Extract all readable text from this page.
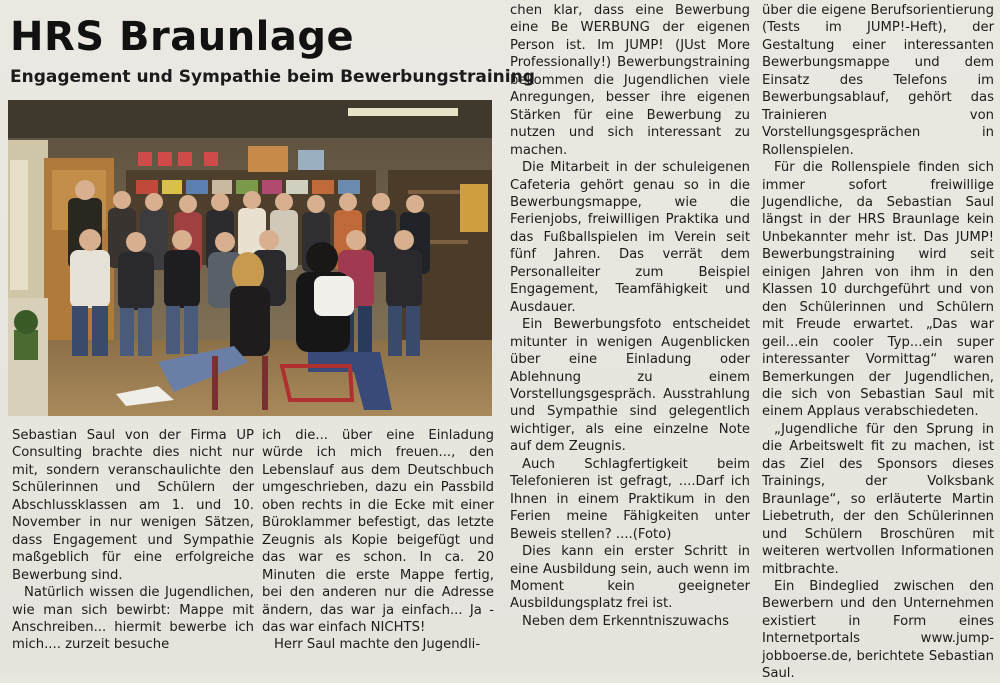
HRS Braunlage
Engagement und Sympathie beim Bewerbungstraining

Sebastian Saul von der Firma UP Consulting brachte dies nicht nur mit, sondern veranschaulichte den Schülerinnen und Schülern der Abschlussklassen am 1. und 10. November in nur wenigen Sätzen, dass Engagement und Sympathie maßgeblich für eine erfolgreiche Bewerbung sind.

Natürlich wissen die Jugendlichen, wie man sich bewirbt: Mappe mit Anschreiben... hiermit bewerbe ich mich.... zurzeit besuche

ich die... über eine Einladung würde ich mich freuen..., den Lebenslauf aus dem Deutschbuch umgeschrieben, dazu ein Passbild oben rechts in die Ecke mit einer Büroklammer befestigt, das letzte Zeugnis als Kopie beigefügt und das war es schon. In ca. 20 Minuten die erste Mappe fertig, bei den anderen nur die Adresse ändern, das war ja einfach... Ja - das war einfach NICHTS!

Herr Saul machte den Jugendli-

chen klar, dass eine Bewerbung eine Be WERBUNG der eigenen Person ist. Im JUMP! (JUst More Professionally!) Bewerbungstraining bekommen die Jugendlichen viele Anregungen, besser ihre eigenen Stärken für eine Bewerbung zu nutzen und sich interessant zu machen.

Die Mitarbeit in der schuleigenen Cafeteria gehört genau so in die Bewerbungsmappe, wie die Ferienjobs, freiwilligen Praktika und das Fußballspielen im Verein seit fünf Jahren. Das verrät dem Personalleiter zum Beispiel Engagement, Teamfähigkeit und Ausdauer.

Ein Bewerbungsfoto entscheidet mitunter in wenigen Augenblicken über eine Einladung oder Ablehnung zu einem Vorstellungsgespräch. Ausstrahlung und Sympathie sind gelegentlich wichtiger, als eine einzelne Note auf dem Zeugnis.

Auch Schlagfertigkeit beim Telefonieren ist gefragt, ....Darf ich Ihnen in einem Praktikum in den Ferien meine Fähigkeiten unter Beweis stellen? ....(Foto)

Dies kann ein erster Schritt in eine Ausbildung sein, auch wenn im Moment kein geeigneter Ausbildungsplatz frei ist.

Neben dem Erkenntniszuwachs

über die eigene Berufsorientierung (Tests im JUMP!-Heft), der Gestaltung einer interessanten Bewerbungsmappe und dem Einsatz des Telefons im Bewerbungsablauf, gehört das Trainieren von Vorstellungsgesprächen in Rollenspielen.

Für die Rollenspiele finden sich immer sofort freiwillige Jugendliche, da Sebastian Saul längst in der HRS Braunlage kein Unbekannter mehr ist. Das JUMP! Bewerbungstraining wird seit einigen Jahren von ihm in den Klassen 10 durchgeführt und von den Schülerinnen und Schülern mit Freude erwartet. „Das war geil...ein cooler Typ...ein super interessanter Vormittag“ waren Bemerkungen der Jugendlichen, die sich von Sebastian Saul mit einem Applaus verabschiedeten.

„Jugendliche für den Sprung in die Arbeitswelt fit zu machen, ist das Ziel des Sponsors dieses Trainings, der Volksbank Braunlage“, so erläuterte Martin Liebetruth, der den Schülerinnen und Schülern Broschüren mit weiteren wertvollen Informationen mitbrachte.

Ein Bindeglied zwischen den Bewerbern und den Unternehmen existiert in Form eines Internetportals www.jump-jobboerse.de, berichtete Sebastian Saul.
